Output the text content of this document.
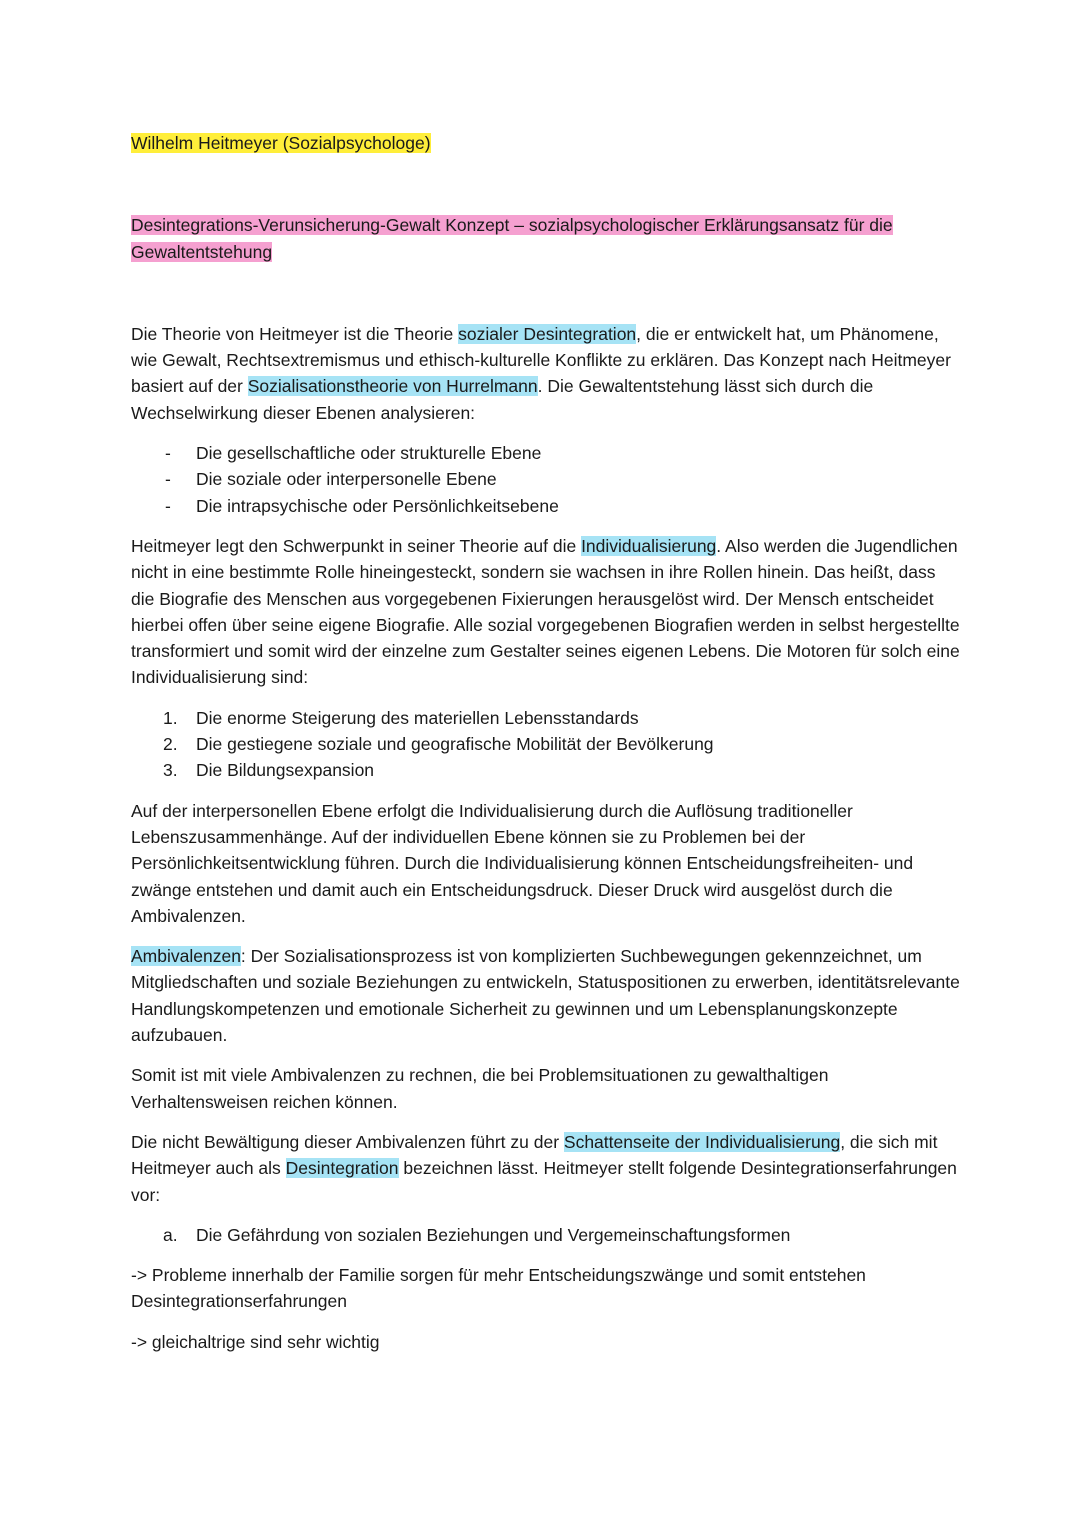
Wilhelm Heitmeyer (Sozialpsychologe)

Desintegrations-Verunsicherung-Gewalt Konzept – sozialpsychologischer Erklärungsansatz für die Gewaltentstehung

Die Theorie von Heitmeyer ist die Theorie sozialer Desintegration, die er entwickelt hat, um Phänomene, wie Gewalt, Rechtsextremismus und ethisch-kulturelle Konflikte zu erklären. Das Konzept nach Heitmeyer basiert auf der Sozialisationstheorie von Hurrelmann. Die Gewaltentstehung lässt sich durch die Wechselwirkung dieser Ebenen analysieren:

-	Die gesellschaftliche oder strukturelle Ebene
-	Die soziale oder interpersonelle Ebene
-	Die intrapsychische oder Persönlichkeitsebene

Heitmeyer legt den Schwerpunkt in seiner Theorie auf die Individualisierung. Also werden die Jugendlichen nicht in eine bestimmte Rolle hineingesteckt, sondern sie wachsen in ihre Rollen hinein. Das heißt, dass die Biografie des Menschen aus vorgegebenen Fixierungen herausgelöst wird. Der Mensch entscheidet hierbei offen über seine eigene Biografie. Alle sozial vorgegebenen Biografien werden in selbst hergestellte transformiert und somit wird der einzelne zum Gestalter seines eigenen Lebens. Die Motoren für solch eine Individualisierung sind:

1.	Die enorme Steigerung des materiellen Lebensstandards
2.	Die gestiegene soziale und geografische Mobilität der Bevölkerung
3.	Die Bildungsexpansion

Auf der interpersonellen Ebene erfolgt die Individualisierung durch die Auflösung traditioneller Lebenszusammenhänge. Auf der individuellen Ebene können sie zu Problemen bei der Persönlichkeitsentwicklung führen. Durch die Individualisierung können Entscheidungsfreiheiten- und zwänge entstehen und damit auch ein Entscheidungsdruck. Dieser Druck wird ausgelöst durch die Ambivalenzen.

Ambivalenzen: Der Sozialisationsprozess ist von komplizierten Suchbewegungen gekennzeichnet, um Mitgliedschaften und soziale Beziehungen zu entwickeln, Statuspositionen zu erwerben, identitätsrelevante Handlungskompetenzen und emotionale Sicherheit zu gewinnen und um Lebensplanungskonzepte aufzubauen.

Somit ist mit viele Ambivalenzen zu rechnen, die bei Problemsituationen zu gewalthaltigen Verhaltensweisen reichen können.

Die nicht Bewältigung dieser Ambivalenzen führt zu der Schattenseite der Individualisierung, die sich mit Heitmeyer auch als Desintegration bezeichnen lässt. Heitmeyer stellt folgende Desintegrationserfahrungen vor:

a.	Die Gefährdung von sozialen Beziehungen und Vergemeinschaftungsformen

-> Probleme innerhalb der Familie sorgen für mehr Entscheidungszwänge und somit entstehen Desintegrationserfahrungen

-> gleichaltrige sind sehr wichtig
